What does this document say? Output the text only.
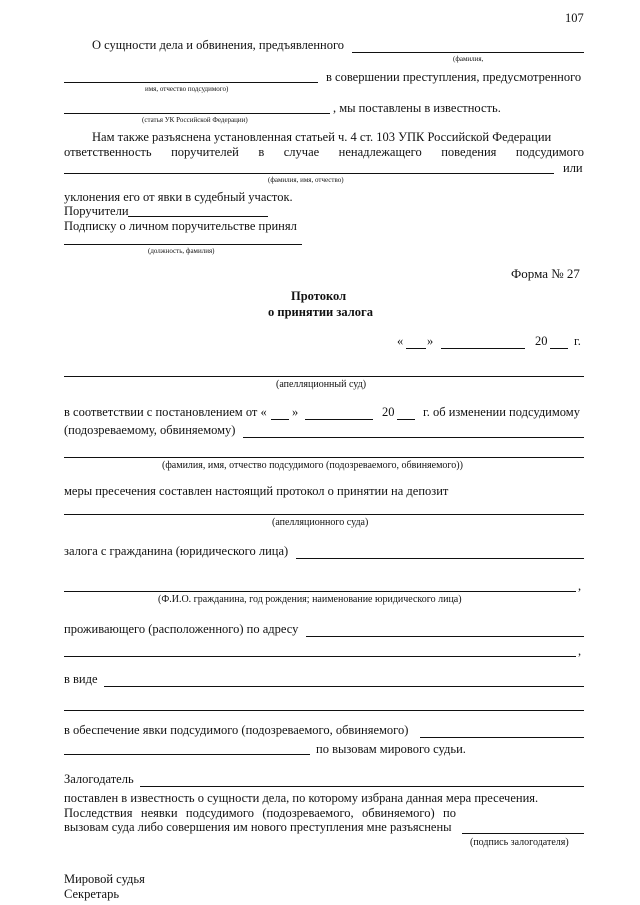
107
О сущности дела и обвинения, предъявленного
(фамилия,
в совершении преступления, предусмотренного
имя, отчество подсудимого)
, мы поставлены в известность.
(статья УК Российской Федерации)
Нам также разъяснена установленная статьей ч. 4 ст. 103 УПК Российской Федерации
ответственность поручителей в случае ненадлежащего поведения подсудимого
или
(фамилия, имя, отчество)
уклонения его от явки в судебный участок.
Поручители
Подписку о личном поручительстве принял
(должность, фамилия)
Форма № 27
Протокол
о принятии залога
« »	20 г.
(апелляционный суд)
в соответствии с постановлением от « »	20 г. об изменении подсудимому
(подозреваемому, обвиняемому)
(фамилия, имя, отчество подсудимого (подозреваемого, обвиняемого))
меры пресечения составлен настоящий протокол о принятии на депозит
(апелляционного суда)
залога с гражданина (юридического лица)
,
(Ф.И.О. гражданина, год рождения; наименование юридического лица)
проживающего (расположенного) по адресу
,
в виде
в обеспечение явки подсудимого (подозреваемого, обвиняемого)
по вызовам мирового судьи.
Залогодатель
поставлен в известность о сущности дела, по которому избрана данная мера пресечения.
Последствия неявки подсудимого (подозреваемого, обвиняемого) по
вызовам суда либо совершения им нового преступления мне разъяснены
(подпись залогодателя)
Мировой судья
Секретарь
